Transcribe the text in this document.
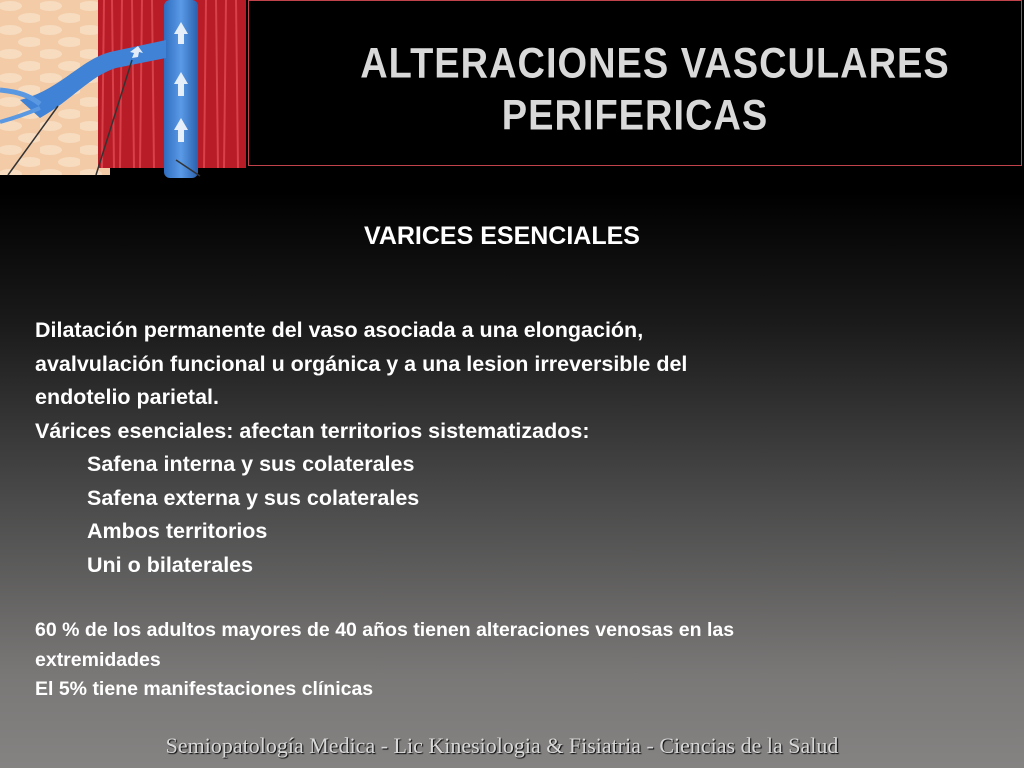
ALTERACIONES VASCULARES
PERIFERICAS
VARICES ESENCIALES

Dilatación permanente del vaso asociada a una elongación,

avalvulación funcional u orgánica y a una lesion irreversible del

endotelio parietal.

Várices esenciales: afectan territorios sistematizados:

Safena interna y sus colaterales

Safena externa y sus colaterales

Ambos territorios

Uni o bilaterales

60 % de los adultos mayores de 40 años tienen alteraciones venosas en las

extremidades

El 5% tiene manifestaciones clínicas

Semiopatología Medica - Lic Kinesiologia & Fisiatria - Ciencias de la Salud
